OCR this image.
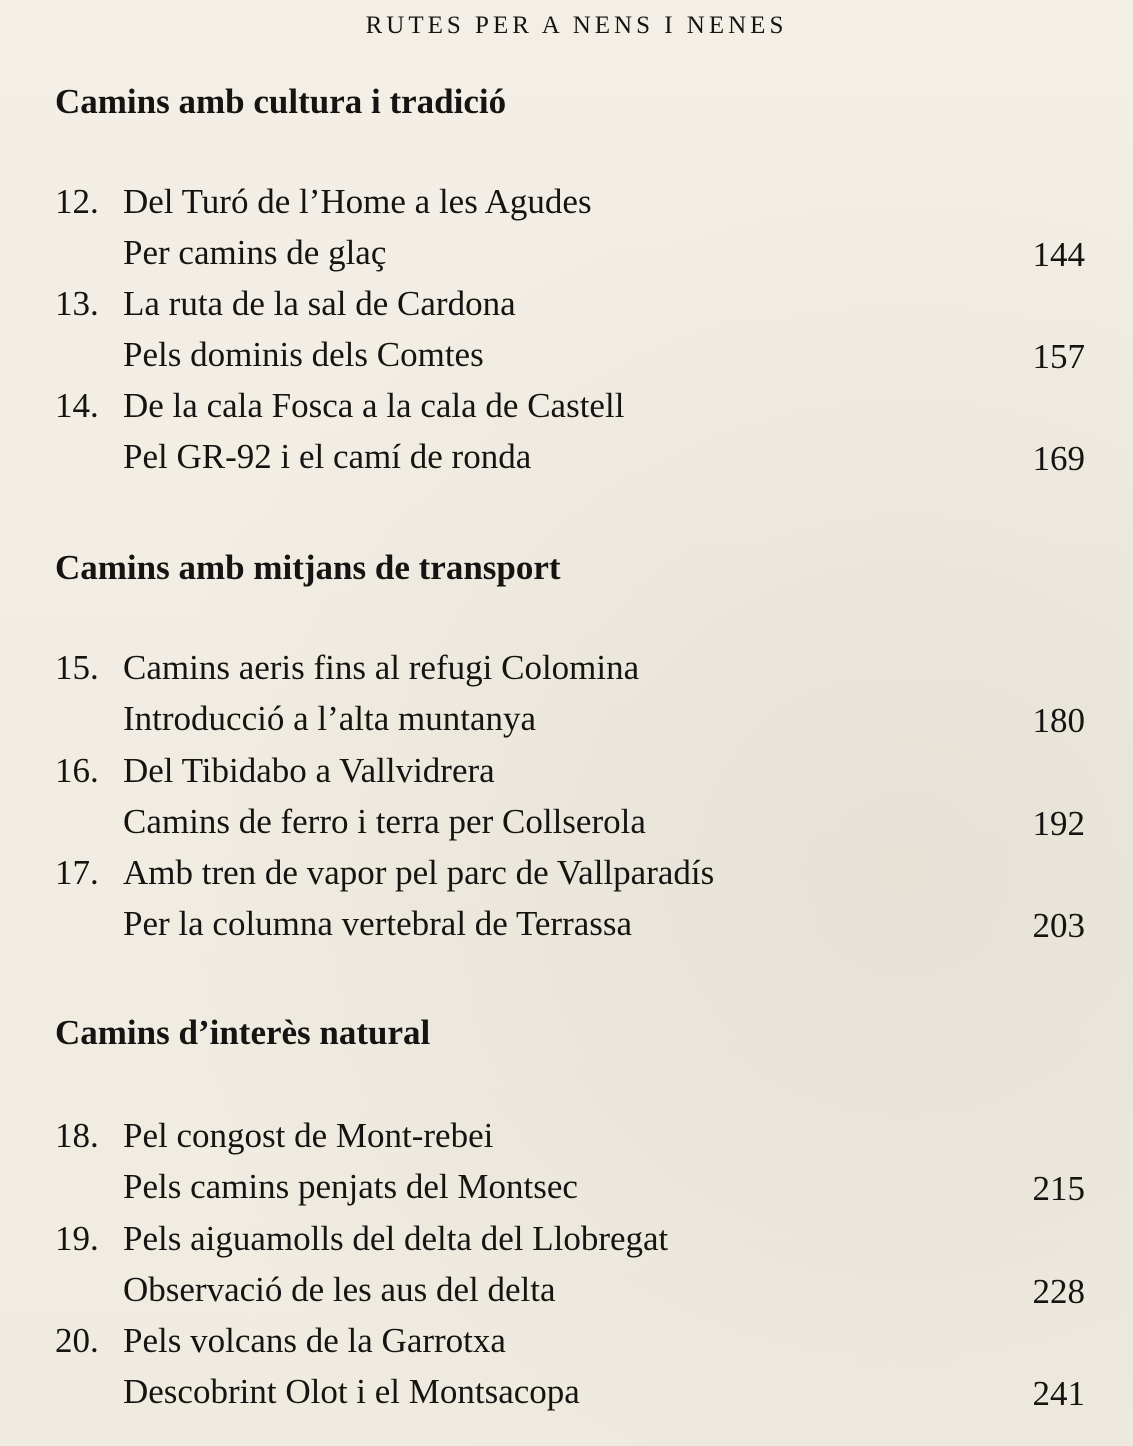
RUTES PER A NENS I NENES
Camins amb cultura i tradició
12. Del Turó de l’Home a les Agudes
Per camins de glaç	144
13. La ruta de la sal de Cardona
Pels dominis dels Comtes	157
14. De la cala Fosca a la cala de Castell
Pel GR-92 i el camí de ronda	169
Camins amb mitjans de transport
15. Camins aeris fins al refugi Colomina
Introducció a l’alta muntanya	180
16. Del Tibidabo a Vallvidrera
Camins de ferro i terra per Collserola	192
17. Amb tren de vapor pel parc de Vallparadís
Per la columna vertebral de Terrassa	203
Camins d’interès natural
18. Pel congost de Mont-rebei
Pels camins penjats del Montsec	215
19. Pels aiguamolls del delta del Llobregat
Observació de les aus del delta	228
20. Pels volcans de la Garrotxa
Descobrint Olot i el Montsacopa	241
